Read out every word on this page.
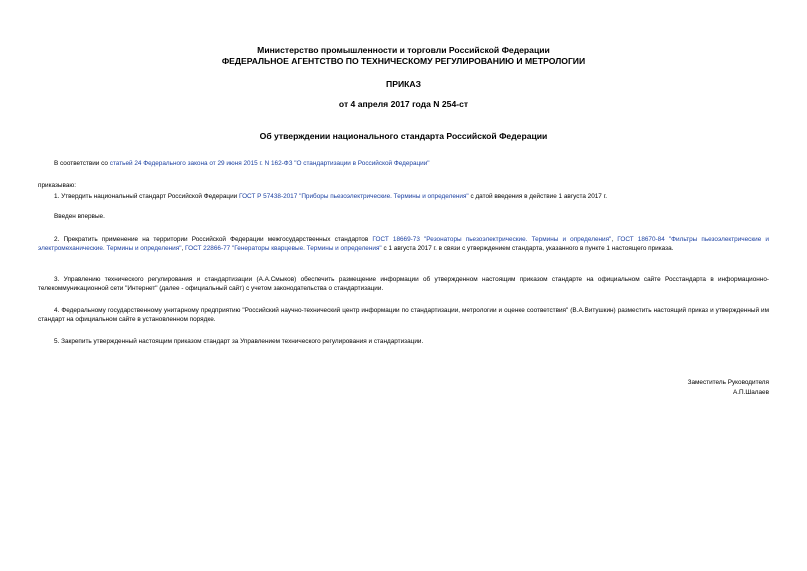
Министерство промышленности и торговли Российской Федерации
ФЕДЕРАЛЬНОЕ АГЕНТСТВО ПО ТЕХНИЧЕСКОМУ РЕГУЛИРОВАНИЮ И МЕТРОЛОГИИ
ПРИКАЗ
от 4 апреля 2017 года N 254-ст
Об утверждении национального стандарта Российской Федерации
В соответствии со статьей 24 Федерального закона от 29 июня 2015 г. N 162-ФЗ "О стандартизации в Российской Федерации"
приказываю:
1. Утвердить национальный стандарт Российской Федерации ГОСТ Р 57438-2017 "Приборы пьезоэлектрические. Термины и определения" с датой введения в действие 1 августа 2017 г.
Введен впервые.
2. Прекратить применение на территории Российской Федерации межгосударственных стандартов ГОСТ 18669-73 "Резонаторы пьезоэлектрические. Термины и определения", ГОСТ 18670-84 "Фильтры пьезоэлектрические и электромеханические. Термины и определения", ГОСТ 22866-77 "Генераторы кварцевые. Термины и определения" с 1 августа 2017 г. в связи с утверждением стандарта, указанного в пункте 1 настоящего приказа.
3. Управлению технического регулирования и стандартизации (А.А.Смыков) обеспечить размещение информации об утвержденном настоящим приказом стандарте на официальном сайте Росстандарта в информационно-телекоммуникационной сети "Интернет" (далее - официальный сайт) с учетом законодательства о стандартизации.
4. Федеральному государственному унитарному предприятию "Российский научно-технический центр информации по стандартизации, метрологии и оценке соответствия" (В.А.Витушкин) разместить настоящий приказ и утвержденный им стандарт на официальном сайте в установленном порядке.
5. Закрепить утвержденный настоящим приказом стандарт за Управлением технического регулирования и стандартизации.
Заместитель Руководителя
А.П.Шалаев
